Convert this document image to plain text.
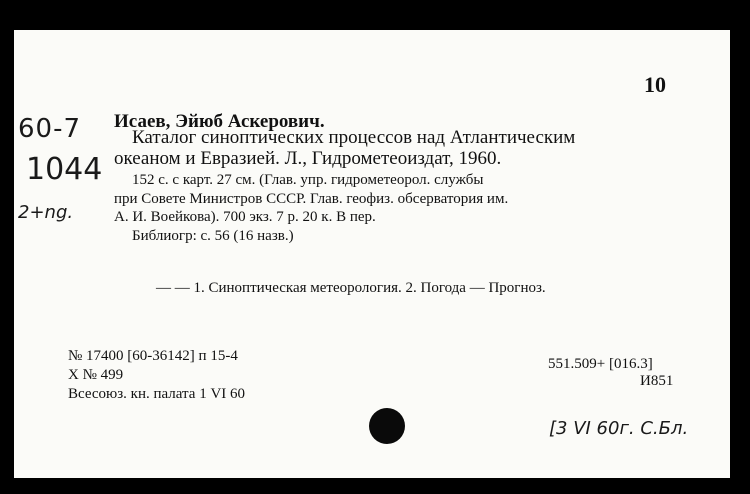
10
60-7
1044
2+ng.
Исаев, Эйюб Аскерович.
Каталог синоптических процессов над Атлантическим
океаном и Евразией. Л., Гидрометеоиздат, 1960.
152 с. с карт. 27 см. (Глав. упр. гидрометеорол. службы
при Совете Министров СССР. Глав. геофиз. обсерватория им.
А. И. Воейкова). 700 экз. 7 р. 20 к. В пер.
Библиогр: с. 56 (16 назв.)
— — 1. Синоптическая метеорология. 2. Погода — Прогноз.
№ 17400 [60-36142] п 15-4
X № 499
Всесоюз. кн. палата 1 VI 60
551.509+ [016.3]
И851
[3 VI 60г. С.Бл.
